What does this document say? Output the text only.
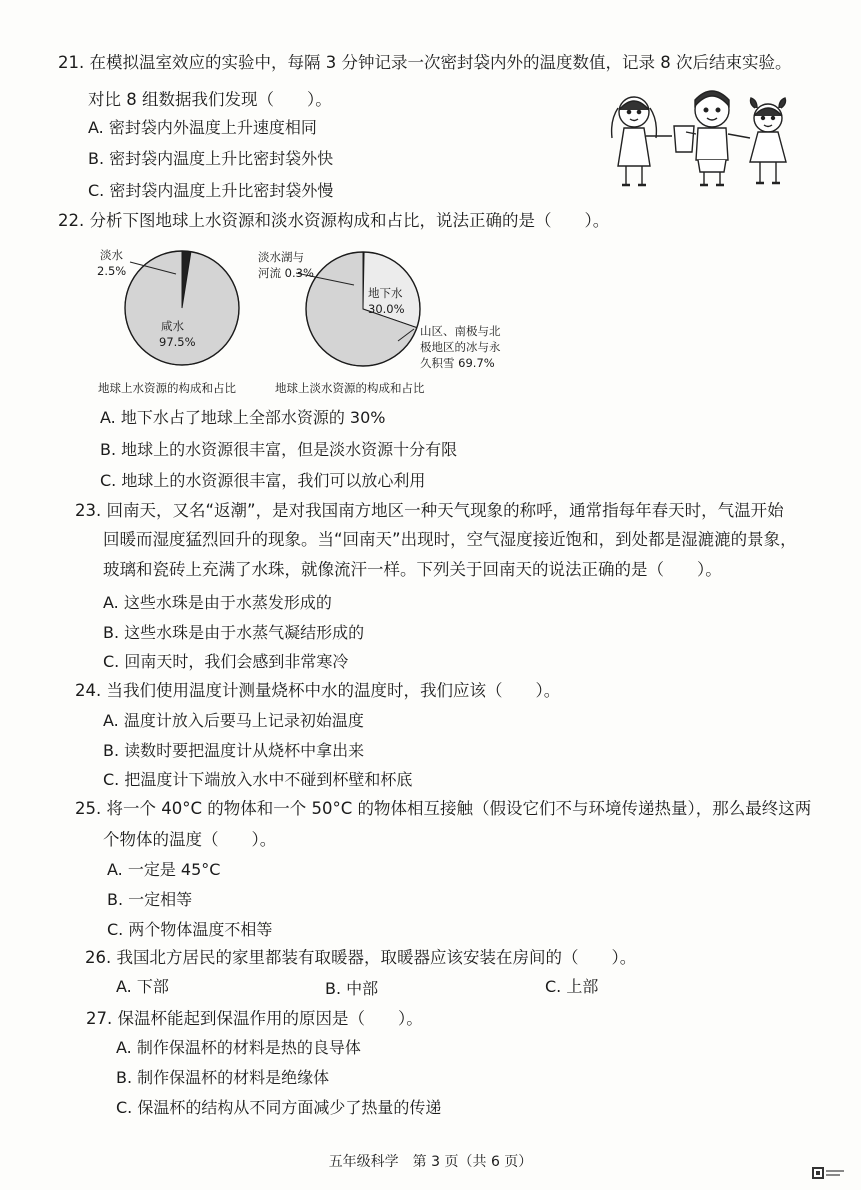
21. 在模拟温室效应的实验中，每隔 3 分钟记录一次密封袋内外的温度数值，记录 8 次后结束实验。
对比 8 组数据我们发现（　　）。
A. 密封袋内外温度上升速度相同
B. 密封袋内温度上升比密封袋外快
C. 密封袋内温度上升比密封袋外慢
22. 分析下图地球上水资源和淡水资源构成和占比，说法正确的是（　　）。
淡水
2.5%
咸水
97.5%
地球上水资源的构成和占比
淡水湖与
河流 0.3%
地下水
30.0%
山区、南极与北
极地区的冰与永
久积雪 69.7%
地球上淡水资源的构成和占比
A. 地下水占了地球上全部水资源的 30%
B. 地球上的水资源很丰富，但是淡水资源十分有限
C. 地球上的水资源很丰富，我们可以放心利用
23. 回南天，又名“返潮”，是对我国南方地区一种天气现象的称呼，通常指每年春天时，气温开始
回暖而湿度猛烈回升的现象。当“回南天”出现时，空气湿度接近饱和，到处都是湿漉漉的景象，
玻璃和瓷砖上充满了水珠，就像流汗一样。下列关于回南天的说法正确的是（　　）。
A. 这些水珠是由于水蒸发形成的
B. 这些水珠是由于水蒸气凝结形成的
C. 回南天时，我们会感到非常寒冷
24. 当我们使用温度计测量烧杯中水的温度时，我们应该（　　）。
A. 温度计放入后要马上记录初始温度
B. 读数时要把温度计从烧杯中拿出来
C. 把温度计下端放入水中不碰到杯壁和杯底
25. 将一个 40°C 的物体和一个 50°C 的物体相互接触（假设它们不与环境传递热量），那么最终这两
个物体的温度（　　）。
A. 一定是 45°C
B. 一定相等
C. 两个物体温度不相等
26. 我国北方居民的家里都装有取暖器，取暖器应该安装在房间的（　　）。
A. 下部	B. 中部	C. 上部
27. 保温杯能起到保温作用的原因是（　　）。
A. 制作保温杯的材料是热的良导体
B. 制作保温杯的材料是绝缘体
C. 保温杯的结构从不同方面减少了热量的传递
五年级科学　第 3 页（共 6 页）
